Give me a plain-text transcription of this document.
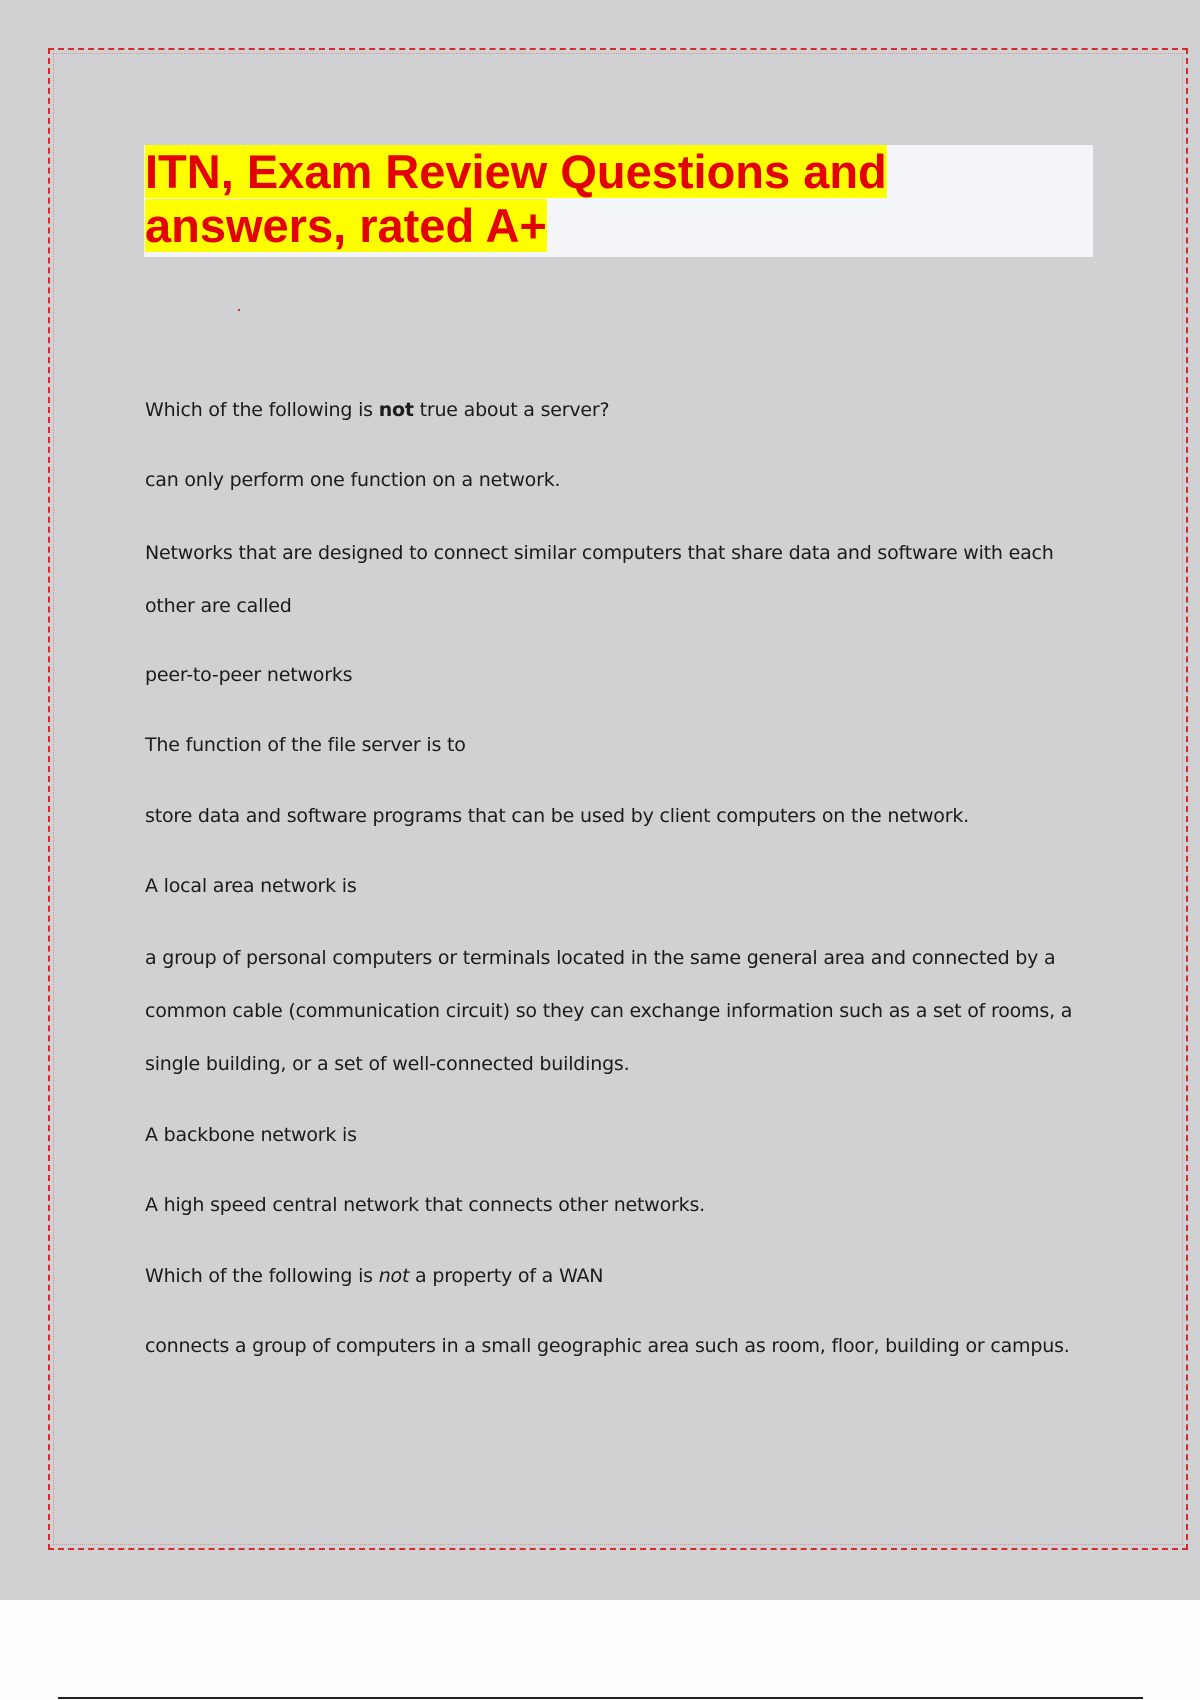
ITN, Exam Review Questions and
answers, rated A+

Which of the following is not true about a server?

can only perform one function on a network.

Networks that are designed to connect similar computers that share data and software with each other are called

peer-to-peer networks

The function of the file server is to

store data and software programs that can be used by client computers on the network.

A local area network is

a group of personal computers or terminals located in the same general area and connected by a common cable (communication circuit) so they can exchange information such as a set of rooms, a single building, or a set of well-connected buildings.

A backbone network is

A high speed central network that connects other networks.

Which of the following is not a property of a WAN

connects a group of computers in a small geographic area such as room, floor, building or campus.
